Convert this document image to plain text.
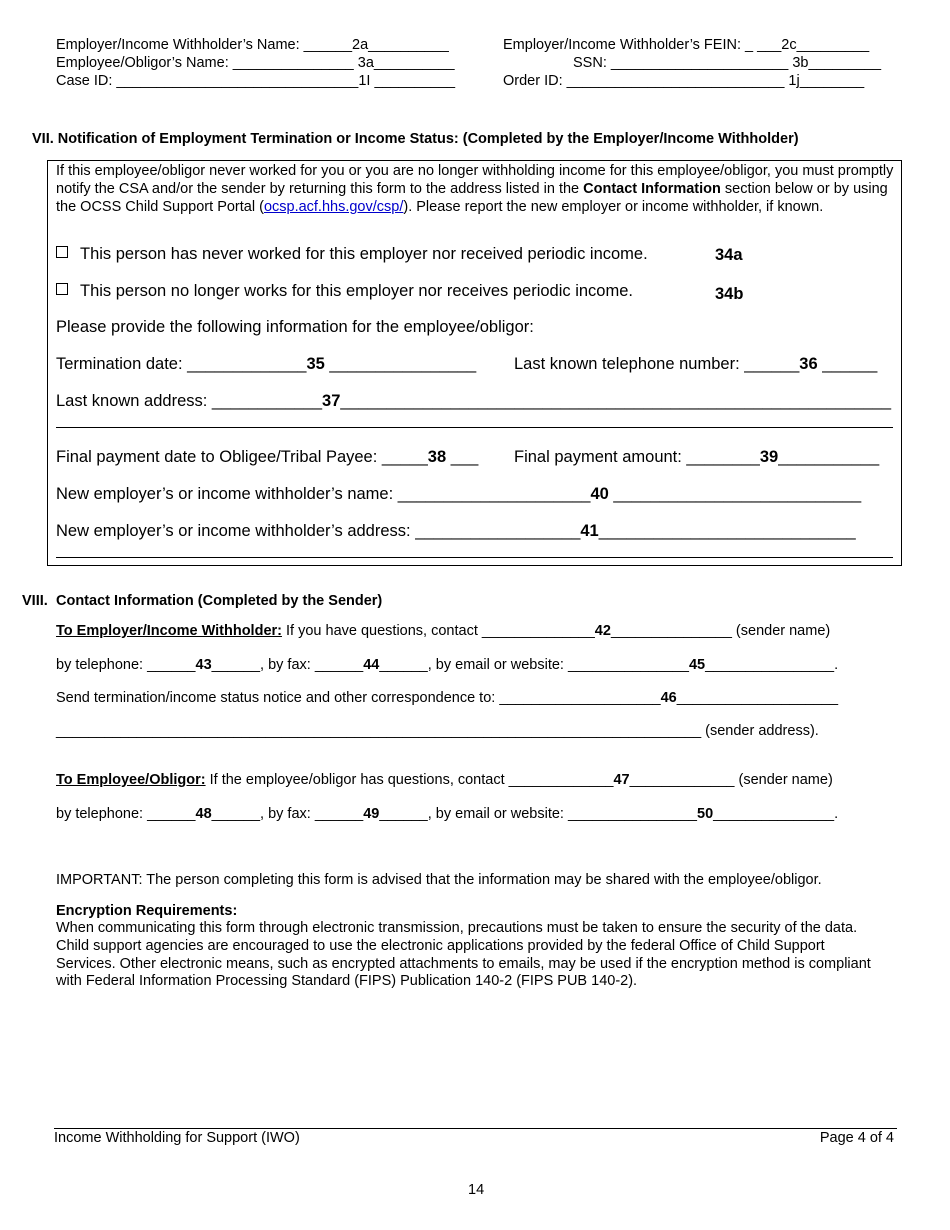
Employer/Income Withholder’s Name: ______2a__________	Employer/Income Withholder’s FEIN: _ ___2c_________
Employee/Obligor’s Name: _______________ 3a__________	SSN: ______________________ 3b_________
Case ID: ______________________________1I __________	Order ID: ___________________________ 1j________
VII. Notification of Employment Termination or Income Status: (Completed by the Employer/Income Withholder)
If this employee/obligor never worked for you or you are no longer withholding income for this employee/obligor, you must promptly notify the CSA and/or the sender by returning this form to the address listed in the Contact Information section below or by using the OCSS Child Support Portal (ocsp.acf.hhs.gov/csp/). Please report the new employer or income withholder, if known.
This person has never worked for this employer nor received periodic income.	34a
This person no longer works for this employer nor receives periodic income.	34b
Please provide the following information for the employee/obligor:
Termination date: _____________35 ________________ Last known telephone number: ______36 ______
Last known address: ____________37____________________________________________________________
Final payment date to Obligee/Tribal Payee: _____38 ___ Final payment amount: ________39___________
New employer’s or income withholder’s name: _____________________40 ___________________________
New employer’s or income withholder’s address: __________________41____________________________
VIII. Contact Information (Completed by the Sender)
To Employer/Income Withholder: If you have questions, contact ______________42_______________ (sender name)
by telephone: ______43______, by fax: ______44______, by email or website: _______________45________________.
Send termination/income status notice and other correspondence to: ____________________46____________________
________________________________________________________________________________ (sender address).
To Employee/Obligor: If the employee/obligor has questions, contact _____________47_____________ (sender name)
by telephone: ______48______, by fax: ______49______, by email or website: ________________50_______________.
IMPORTANT: The person completing this form is advised that the information may be shared with the employee/obligor.
Encryption Requirements:
When communicating this form through electronic transmission, precautions must be taken to ensure the security of the data. Child support agencies are encouraged to use the electronic applications provided by the federal Office of Child Support Services. Other electronic means, such as encrypted attachments to emails, may be used if the encryption method is compliant with Federal Information Processing Standard (FIPS) Publication 140-2 (FIPS PUB 140-2).
Income Withholding for Support (IWO)	Page 4 of 4
14
